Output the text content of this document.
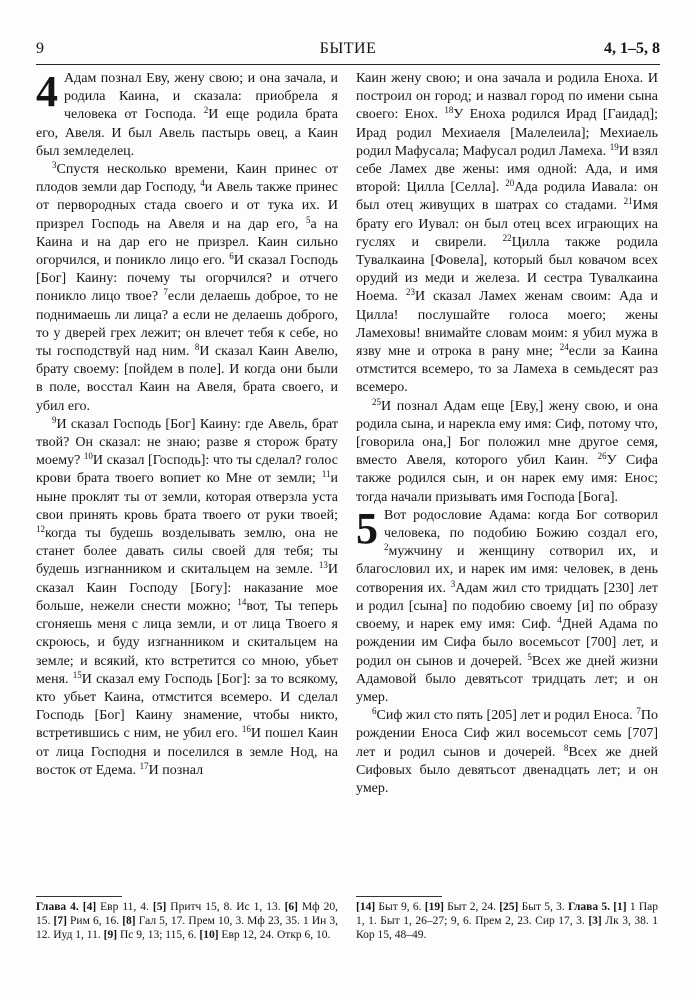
9	БЫТИЕ	4, 1–5, 8

4 Адам познал Еву, жену свою; и она зачала, и родила Каина, и сказала: приобрела я человека от Господа. $^2$И еще родила брата его, Авеля. И был Авель пастырь овец, а Каин был земледелец.

$^3$Спустя несколько времени, Каин принес от плодов земли дар Господу, $^4$и Авель также принес от первородных стада своего и от тука их. И призрел Господь на Авеля и на дар его, $^5$а на Каина и на дар его не призрел. Каин сильно огорчился, и поникло лицо его. $^6$И сказал Господь [Бог] Каину: почему ты огорчился? и отчего поникло лицо твое? $^7$если делаешь доброе, то не поднимаешь ли лица? а если не делаешь доброго, то у дверей грех лежит; он влечет тебя к себе, но ты господствуй над ним. $^8$И сказал Каин Авелю, брату своему: [пойдем в поле]. И когда они были в поле, восстал Каин на Авеля, брата своего, и убил его.

$^9$И сказал Господь [Бог] Каину: где Авель, брат твой? Он сказал: не знаю; разве я сторож брату моему? $^{10}$И сказал [Господь]: что ты сделал? голос крови брата твоего вопиет ко Мне от земли; $^{11}$и ныне проклят ты от земли, которая отверзла уста свои принять кровь брата твоего от руки твоей; $^{12}$когда ты будешь возделывать землю, она не станет более давать силы своей для тебя; ты будешь изгнанником и скитальцем на земле. $^{13}$И сказал Каин Господу [Богу]: наказание мое больше, нежели снести можно; $^{14}$вот, Ты теперь сгоняешь меня с лица земли, и от лица Твоего я скроюсь, и буду изгнанником и скитальцем на земле; и всякий, кто встретится со мною, убьет меня. $^{15}$И сказал ему Господь [Бог]: за то всякому, кто убьет Каина, отмстится всемеро. И сделал Господь [Бог] Каину знамение, чтобы никто, встретившись с ним, не убил его. $^{16}$И пошел Каин от лица Господня и поселился в земле Нод, на восток от Едема. $^{17}$И познал

Каин жену свою; и она зачала и родила Еноха. И построил он город; и назвал город по имени сына своего: Енох. $^{18}$У Еноха родился Ирад [Гаидад]; Ирад родил Мехиаеля [Малелеила]; Мехиаель родил Мафусала; Мафусал родил Ламеха. $^{19}$И взял себе Ламех две жены: имя одной: Ада, и имя второй: Цилла [Селла]. $^{20}$Ада родила Иавала: он был отец живущих в шатрах со стадами. $^{21}$Имя брату его Иувал: он был отец всех играющих на гуслях и свирели. $^{22}$Цилла также родила Тувалкаина [Фовела], который был ковачом всех орудий из меди и железа. И сестра Тувалкаина Ноема. $^{23}$И сказал Ламех женам своим: Ада и Цилла! послушайте голоса моего; жены Ламеховы! внимайте словам моим: я убил мужа в язву мне и отрока в рану мне; $^{24}$если за Каина отмстится всемеро, то за Ламеха в семьдесят раз всемеро.

$^{25}$И познал Адам еще [Еву,] жену свою, и она родила сына, и нарекла ему имя: Сиф, потому что, [говорила она,] Бог положил мне другое семя, вместо Авеля, которого убил Каин. $^{26}$У Сифа также родился сын, и он нарек ему имя: Енос; тогда начали призывать имя Господа [Бога].

5 Вот родословие Адама: когда Бог сотворил человека, по подобию Божию создал его, $^2$мужчину и женщину сотворил их, и благословил их, и нарек им имя: человек, в день сотворения их. $^3$Адам жил сто тридцать [230] лет и родил [сына] по подобию своему [и] по образу своему, и нарек ему имя: Сиф. $^4$Дней Адама по рождении им Сифа было восемьсот [700] лет, и родил он сынов и дочерей. $^5$Всех же дней жизни Адамовой было девятьсот тридцать лет; и он умер.

$^6$Сиф жил сто пять [205] лет и родил Еноса. $^7$По рождении Еноса Сиф жил восемьсот семь [707] лет и родил сынов и дочерей. $^8$Всех же дней Сифовых было девятьсот двенадцать лет; и он умер.

Глава 4. [4] Евр 11, 4. [5] Притч 15, 8. Ис 1, 13. [6] Мф 20, 15. [7] Рим 6, 16. [8] Гал 5, 17. Прем 10, 3. Мф 23, 35. 1 Ин 3, 12. Иуд 1, 11. [9] Пс 9, 13; 115, 6. [10] Евр 12, 24. Откр 6, 10.

[14] Быт 9, 6. [19] Быт 2, 24. [25] Быт 5, 3. Глава 5. [1] 1 Пар 1, 1. Быт 1, 26–27; 9, 6. Прем 2, 23. Сир 17, 3. [3] Лк 3, 38. 1 Кор 15, 48–49.
